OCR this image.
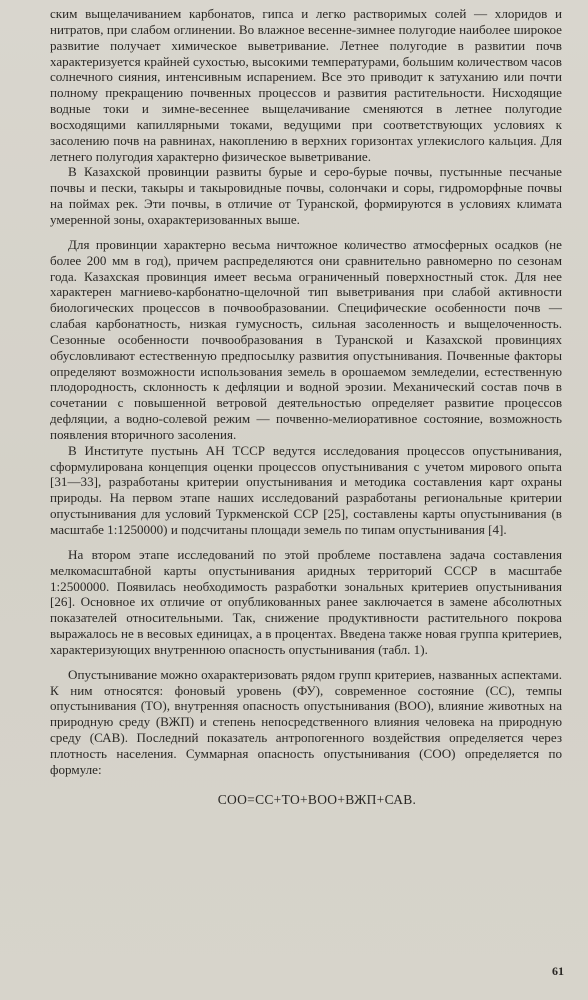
ским выщелачиванием карбонатов, гипса и легко растворимых солей — хлоридов и нитратов, при слабом оглинении. Во влажное весенне-зимнее полугодие наиболее широкое развитие получает химическое выветривание. Летнее полугодие в развитии почв характеризуется крайней сухостью, высокими температурами, большим количеством часов солнечного сияния, интенсивным испарением. Все это приводит к затуханию или почти полному прекращению почвенных процессов и развития растительности. Нисходящие водные токи и зимне-весеннее выщелачивание сменяются в летнее полугодие восходящими капиллярными токами, ведущими при соответствующих условиях к засолению почв на равнинах, накоплению в верхних горизонтах углекислого кальция. Для летнего полугодия характерно физическое выветривание.

В Казахской провинции развиты бурые и серо-бурые почвы, пустынные песчаные почвы и пески, такыры и такыровидные почвы, солончаки и соры, гидроморфные почвы на поймах рек. Эти почвы, в отличие от Туранской, формируются в условиях климата умеренной зоны, охарактеризованных выше.

Для провинции характерно весьма ничтожное количество атмосферных осадков (не более 200 мм в год), причем распределяются они сравнительно равномерно по сезонам года. Казахская провинция имеет весьма ограниченный поверхностный сток. Для нее характерен магниево-карбонатно-щелочной тип выветривания при слабой активности биологических процессов в почвообразовании. Специфические особенности почв — слабая карбонатность, низкая гумусность, сильная засоленность и выщелоченность. Сезонные особенности почвообразования в Туранской и Казахской провинциях обусловливают естественную предпосылку развития опустынивания. Почвенные факторы определяют возможности использования земель в орошаемом земледелии, естественную плодородность, склонность к дефляции и водной эрозии. Механический состав почв в сочетании с повышенной ветровой деятельностью определяет развитие процессов дефляции, а водно-солевой режим — почвенно-мелиоративное состояние, возможность появления вторичного засоления.

В Институте пустынь АН ТССР ведутся исследования процессов опустынивания, сформулирована концепция оценки процессов опустынивания с учетом мирового опыта [31—33], разработаны критерии опустынивания и методика составления карт охраны природы. На первом этапе наших исследований разработаны региональные критерии опустынивания для условий Туркменской ССР [25], составлены карты опустынивания (в масштабе 1:1250000) и подсчитаны площади земель по типам опустынивания [4].

На втором этапе исследований по этой проблеме поставлена задача составления мелкомасштабной карты опустынивания аридных территорий СССР в масштабе 1:2500000. Появилась необходимость разработки зональных критериев опустынивания [26]. Основное их отличие от опубликованных ранее заключается в замене абсолютных показателей относительными. Так, снижение продуктивности растительного покрова выражалось не в весовых единицах, а в процентах. Введена также новая группа критериев, характеризующих внутреннюю опасность опустынивания (табл. 1).

Опустынивание можно охарактеризовать рядом групп критериев, названных аспектами. К ним относятся: фоновый уровень (ФУ), современное состояние (СС), темпы опустынивания (ТО), внутренняя опасность опустынивания (ВОО), влияние животных на природную среду (ВЖП) и степень непосредственного влияния человека на природную среду (САВ). Последний показатель антропогенного воздействия определяется через плотность населения. Суммарная опасность опустынивания (СОО) определяется по формуле:

СОО=СС+ТО+ВОО+ВЖП+САВ.
61
